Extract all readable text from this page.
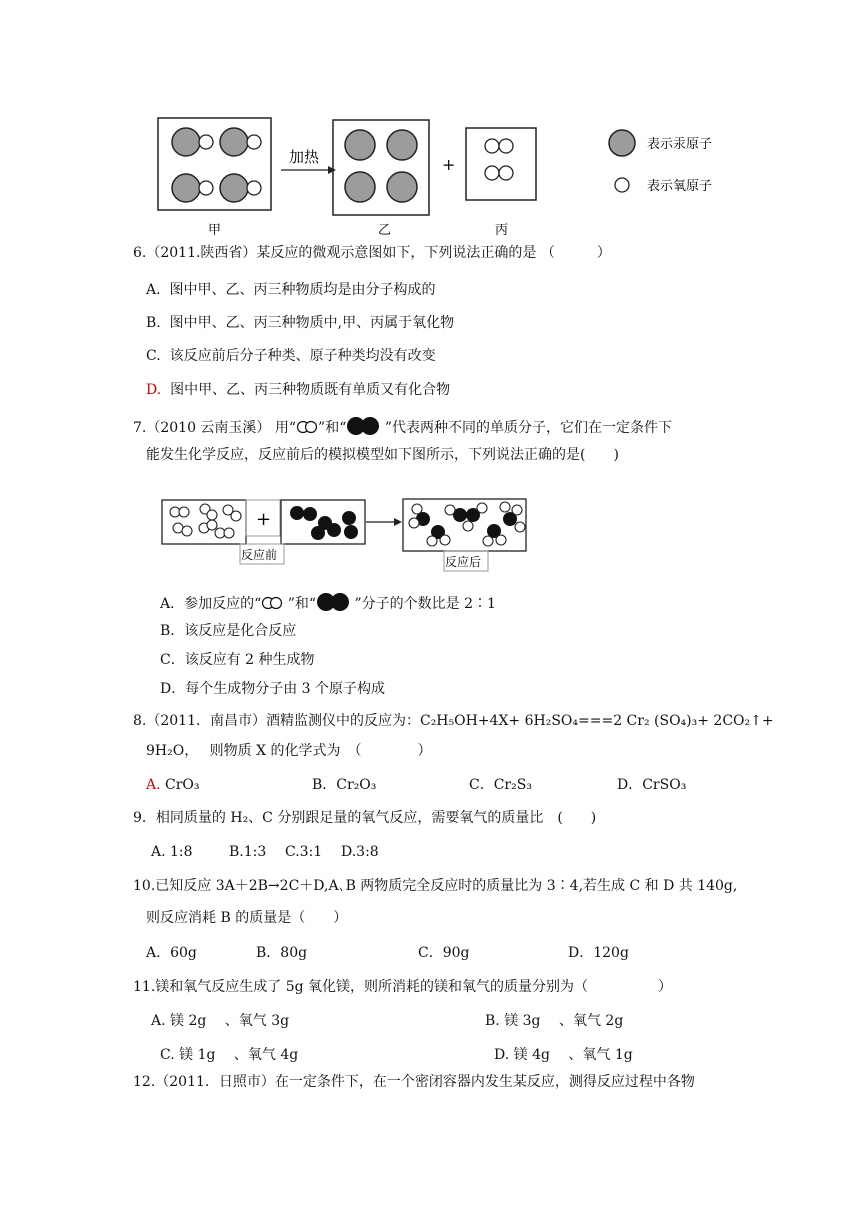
加热	+
表示汞原子
表示氧原子
甲	乙	丙
6.（2011.陕西省）某反应的微观示意图如下，下列说法正确的是 （　　　）
A. 图中甲、乙、丙三种物质均是由分子构成的
B. 图中甲、乙、丙三种物质中,甲、丙属于氧化物
C. 该反应前后分子种类、原子种类均没有改变
D. 图中甲、乙、丙三种物质既有单质又有化合物
7.（2010 云南玉溪） 用“ ”和“ ”代表两种不同的单质分子，它们在一定条件下
能发生化学反应，反应前后的模拟模型如下图所示，下列说法正确的是(　　)
+
反应前	反应后
A．参加反应的“ ”和“ ”分子的个数比是 2∶1
B．该反应是化合反应
C．该反应有 2 种生成物
D．每个生成物分子由 3 个原子构成
8.（2011．南昌市）酒精监测仪中的反应为：C₂H₅OH+4X+ 6H₂SO₄===2 Cr₂ (SO₄)₃+ 2CO₂↑+
9H₂O，　 则物质 X 的化学式为　（　　　　）
A. CrO₃	B．Cr₂O₃	C．Cr₂S₃	D．CrSO₃
9．相同质量的 H₂、C 分别跟足量的氧气反应，需要氧气的质量比　(　　)
A. 1:8	B.1:3 C.3:1 D.3:8
10.已知反应 3A＋2B→2C＋D,A､B 两物质完全反应时的质量比为 3∶4,若生成 C 和 D 共 140g,
则反应消耗 B 的质量是（　　）
A．60g	B．80g	C．90g	D．120g
11.镁和氧气反应生成了 5g 氧化镁，则所消耗的镁和氧气的质量分别为（　　　　　）
A. 镁 2g　 、氧气 3g	B. 镁 3g　 、氧气 2g
C. 镁 1g　 、氧气 4g	D. 镁 4g　 、氧气 1g
12.（2011．日照市）在一定条件下，在一个密闭容器内发生某反应，测得反应过程中各物
